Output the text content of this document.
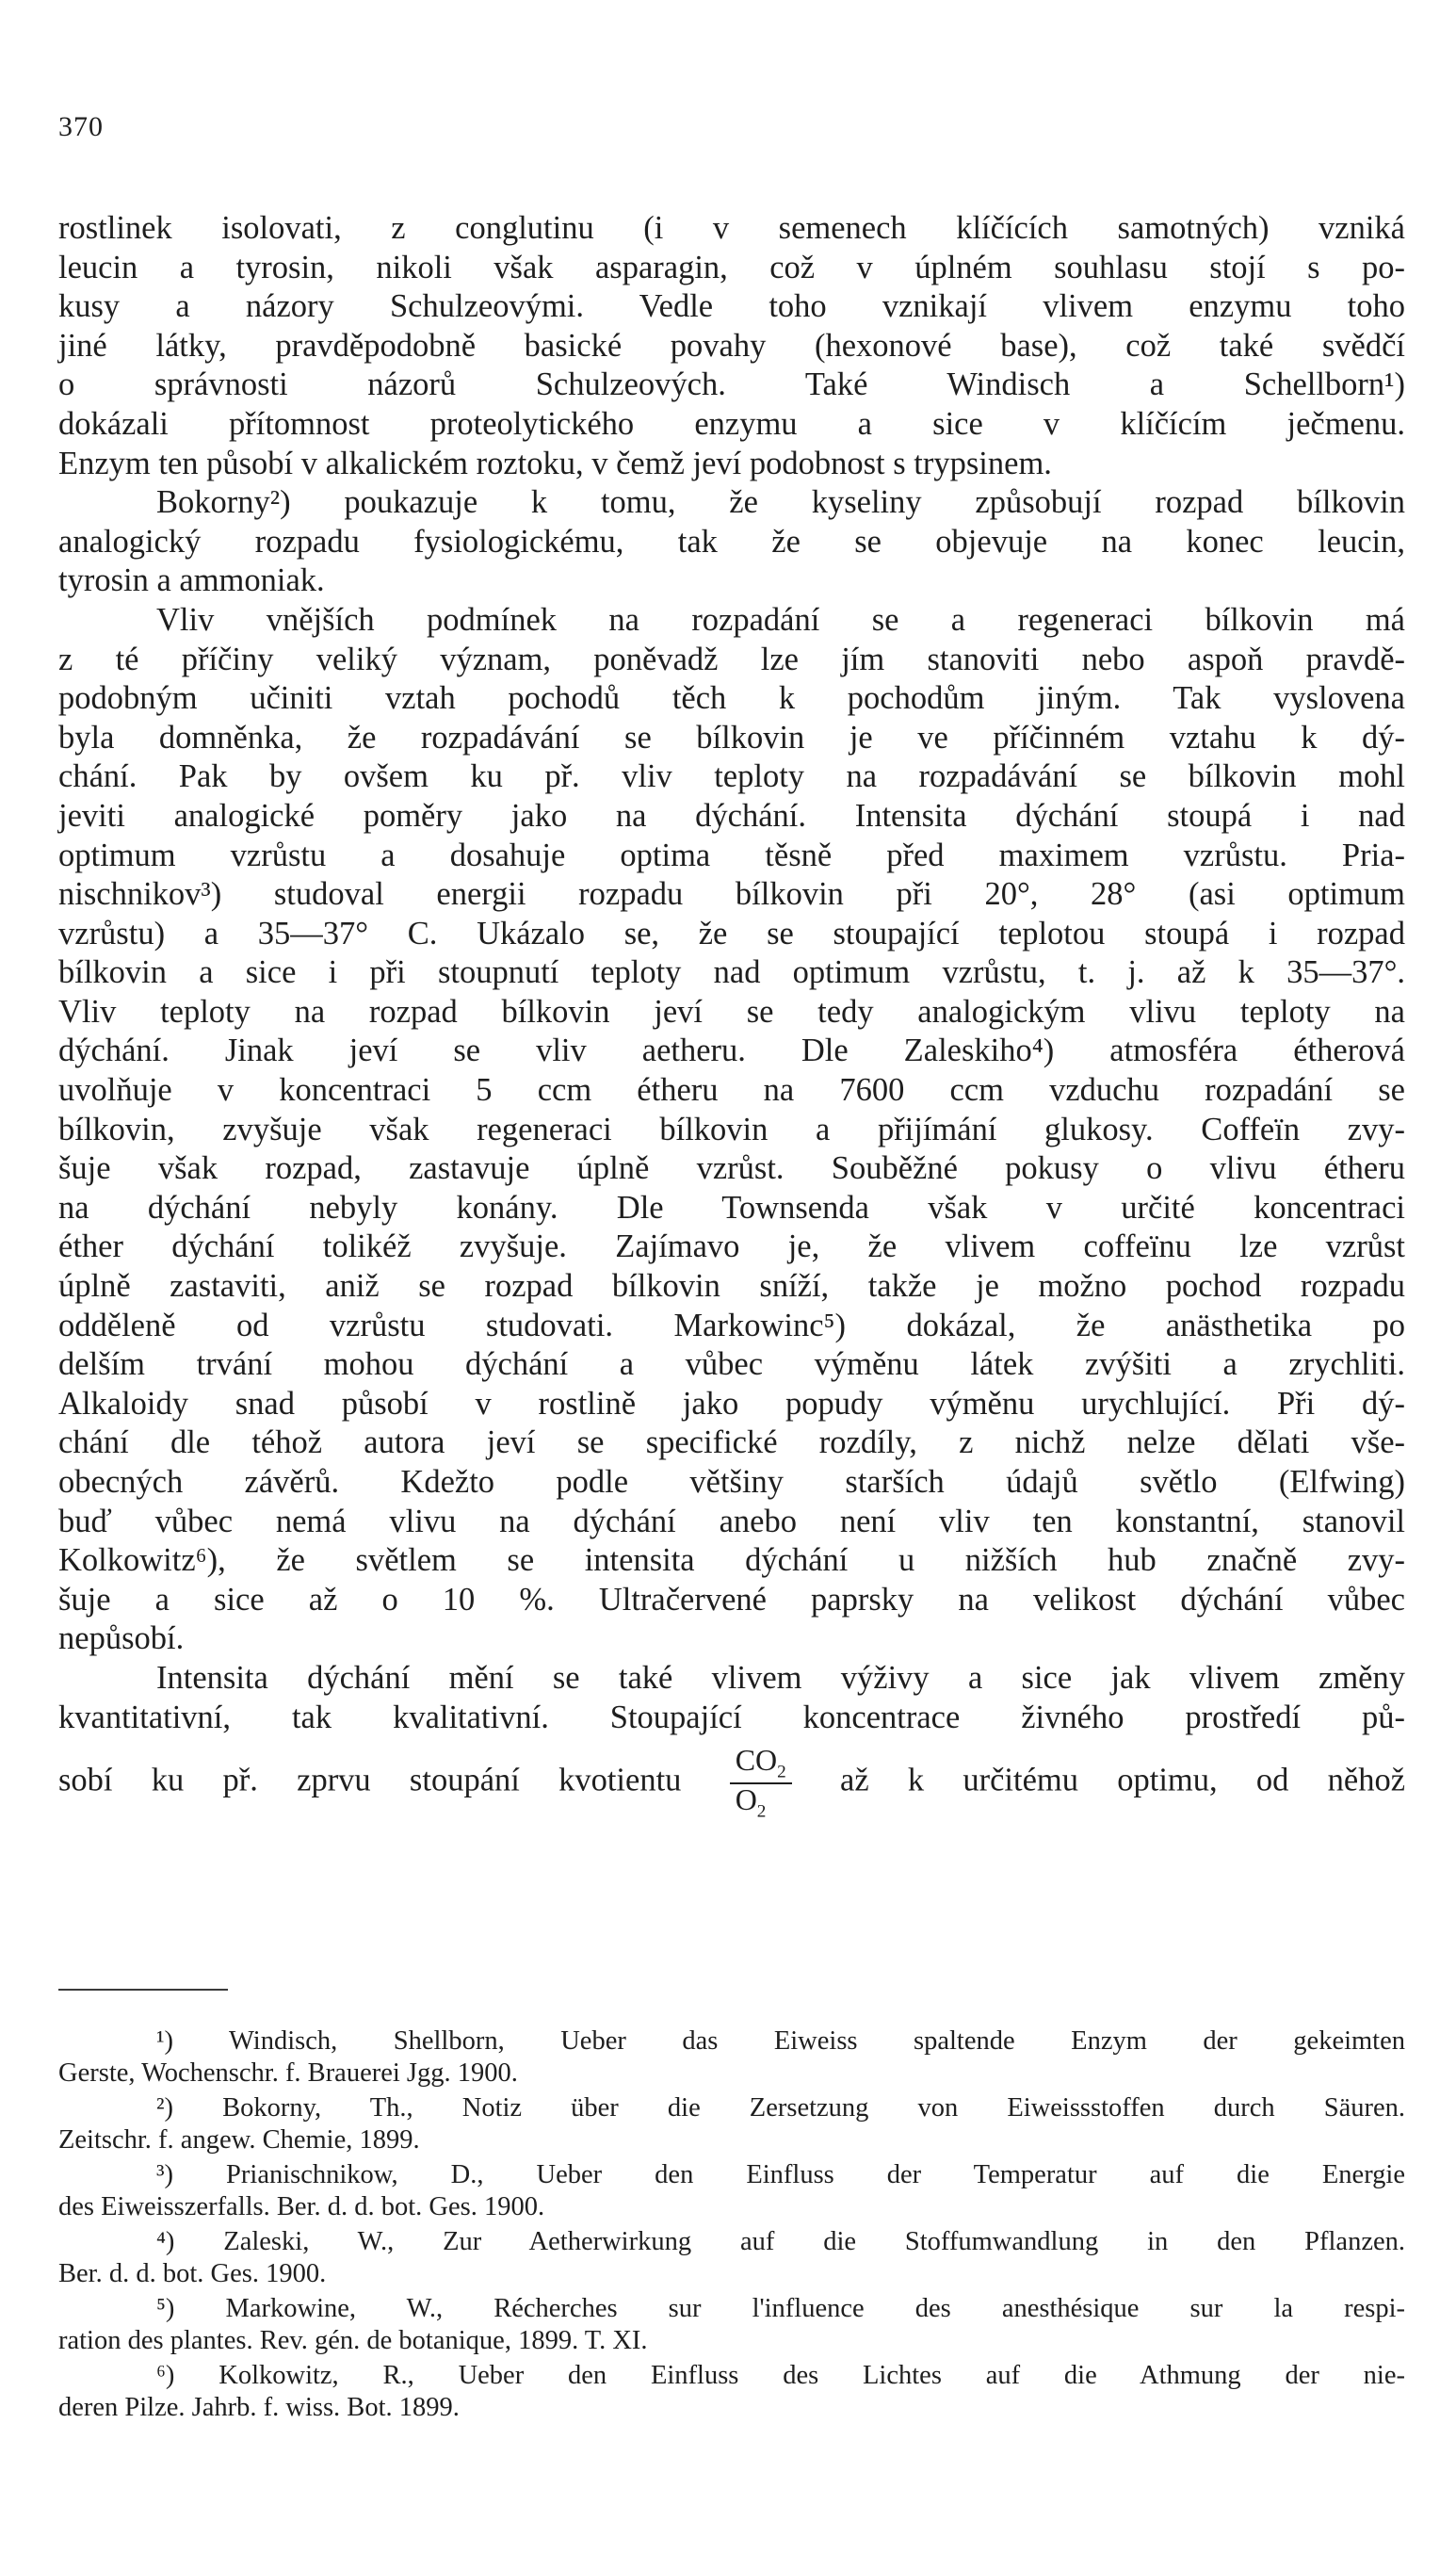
370
rostlinek isolovati, z conglutinu (i v semenech klíčících samotných) vzniká
leucin a tyrosin, nikoli však asparagin, což v úplném souhlasu stojí s po-
kusy a názory Schulzeovými. Vedle toho vznikají vlivem enzymu toho
jiné látky, pravděpodobně basické povahy (hexonové base), což také svědčí
o správnosti názorů Schulzeových. Také Windisch a Schellborn¹)
dokázali přítomnost proteolytického enzymu a sice v klíčícím ječmenu.
Enzym ten působí v alkalickém roztoku, v čemž jeví podobnost s trypsinem.
Bokorny²) poukazuje k tomu, že kyseliny způsobují rozpad bílkovin
analogický rozpadu fysiologickému, tak že se objevuje na konec leucin,
tyrosin a ammoniak.
Vliv vnějších podmínek na rozpadání se a regeneraci bílkovin má
z té příčiny veliký význam, poněvadž lze jím stanoviti nebo aspoň pravdě-
podobným učiniti vztah pochodů těch k pochodům jiným. Tak vyslovena
byla domněnka, že rozpadávání se bílkovin je ve příčinném vztahu k dý-
chání. Pak by ovšem ku př. vliv teploty na rozpadávání se bílkovin mohl
jeviti analogické poměry jako na dýchání. Intensita dýchání stoupá i nad
optimum vzrůstu a dosahuje optima těsně před maximem vzrůstu. Pria-
nischnikov³) studoval energii rozpadu bílkovin při 20°, 28° (asi optimum
vzrůstu) a 35—37° C. Ukázalo se, že se stoupající teplotou stoupá i rozpad
bílkovin a sice i při stoupnutí teploty nad optimum vzrůstu, t. j. až k 35—37°.
Vliv teploty na rozpad bílkovin jeví se tedy analogickým vlivu teploty na
dýchání. Jinak jeví se vliv aetheru. Dle Zaleskiho⁴) atmosféra étherová
uvolňuje v koncentraci 5 ccm étheru na 7600 ccm vzduchu rozpadání se
bílkovin, zvyšuje však regeneraci bílkovin a přijímání glukosy. Coffeïn zvy-
šuje však rozpad, zastavuje úplně vzrůst. Souběžné pokusy o vlivu étheru
na dýchání nebyly konány. Dle Townsenda však v určité koncentraci
éther dýchání tolikéž zvyšuje. Zajímavo je, že vlivem coffeïnu lze vzrůst
úplně zastaviti, aniž se rozpad bílkovin sníží, takže je možno pochod rozpadu
odděleně od vzrůstu studovati. Markowinc⁵) dokázal, že anästhetika po
delším trvání mohou dýchání a vůbec výměnu látek zvýšiti a zrychliti.
Alkaloidy snad působí v rostlině jako popudy výměnu urychlující. Při dý-
chání dle téhož autora jeví se specifické rozdíly, z nichž nelze dělati vše-
obecných závěrů. Kdežto podle většiny starších údajů světlo (Elfwing)
buď vůbec nemá vlivu na dýchání anebo není vliv ten konstantní, stanovil
Kolkowitz⁶), že světlem se intensita dýchání u nižších hub značně zvy-
šuje a sice až o 10 %. Ultračervené paprsky na velikost dýchání vůbec
nepůsobí.
Intensita dýchání mění se také vlivem výživy a sice jak vlivem změny
kvantitativní, tak kvalitativní. Stoupající koncentrace živného prostředí pů-
sobí ku př. zprvu stoupání kvotientu $\frac{CO_2}{O_2}$ až k určitému optimu, od něhož
¹) Windisch, Shellborn, Ueber das Eiweiss spaltende Enzym der gekeimten
Gerste, Wochenschr. f. Brauerei Jgg. 1900.
²) Bokorny, Th., Notiz über die Zersetzung von Eiweissstoffen durch Säuren.
Zeitschr. f. angew. Chemie, 1899.
³) Prianischnikow, D., Ueber den Einfluss der Temperatur auf die Energie
des Eiweisszerfalls. Ber. d. d. bot. Ges. 1900.
⁴) Zaleski, W., Zur Aetherwirkung auf die Stoffumwandlung in den Pflanzen.
Ber. d. d. bot. Ges. 1900.
⁵) Markowine, W., Récherches sur l'influence des anesthésique sur la respi-
ration des plantes. Rev. gén. de botanique, 1899. T. XI.
⁶) Kolkowitz, R., Ueber den Einfluss des Lichtes auf die Athmung der nie-
deren Pilze. Jahrb. f. wiss. Bot. 1899.
